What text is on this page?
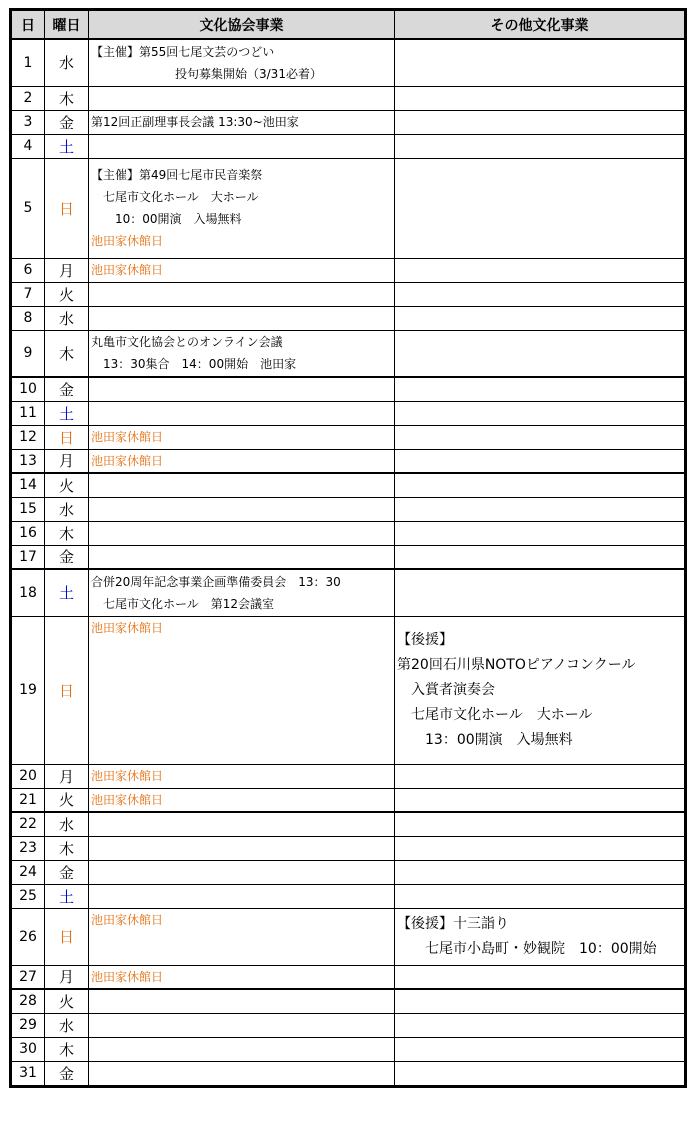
日	曜日	文化協会事業	その他文化事業
1	水	【主催】第55回七尾文芸のつどい
　　　　　　　投句募集開始（3/31必着）	

2	木		
3	金	第12回正副理事長会議 13:30~池田家	

4	土		
5	日	【主催】第49回七尾市民音楽祭
　七尾市文化ホール　大ホール
　　10：00開演　入場無料
池田家休館日	

6	月	池田家休館日	

7	火		
8	水		
9	木	丸亀市文化協会とのオンライン会議
　13：30集合　14：00開始　池田家	

10	金		
11	土		
12	日	池田家休館日	

13	月	池田家休館日	

14	火		
15	水		
16	木		
17	金		
18	土	合併20周年記念事業企画準備委員会　13：30
　七尾市文化ホール　第12会議室	

19	日	池田家休館日	【後援】
第20回石川県NOTOピアノコンクール
　入賞者演奏会
　七尾市文化ホール　大ホール
　　13：00開演　入場無料

20	月	池田家休館日	

21	火	池田家休館日	

22	水		
23	木		
24	金		
25	土		
26	日	池田家休館日	【後援】十三詣り
　　七尾市小島町・妙観院　10：00開始

27	月	池田家休館日	

28	火		
29	水		
30	木		
31	金		
